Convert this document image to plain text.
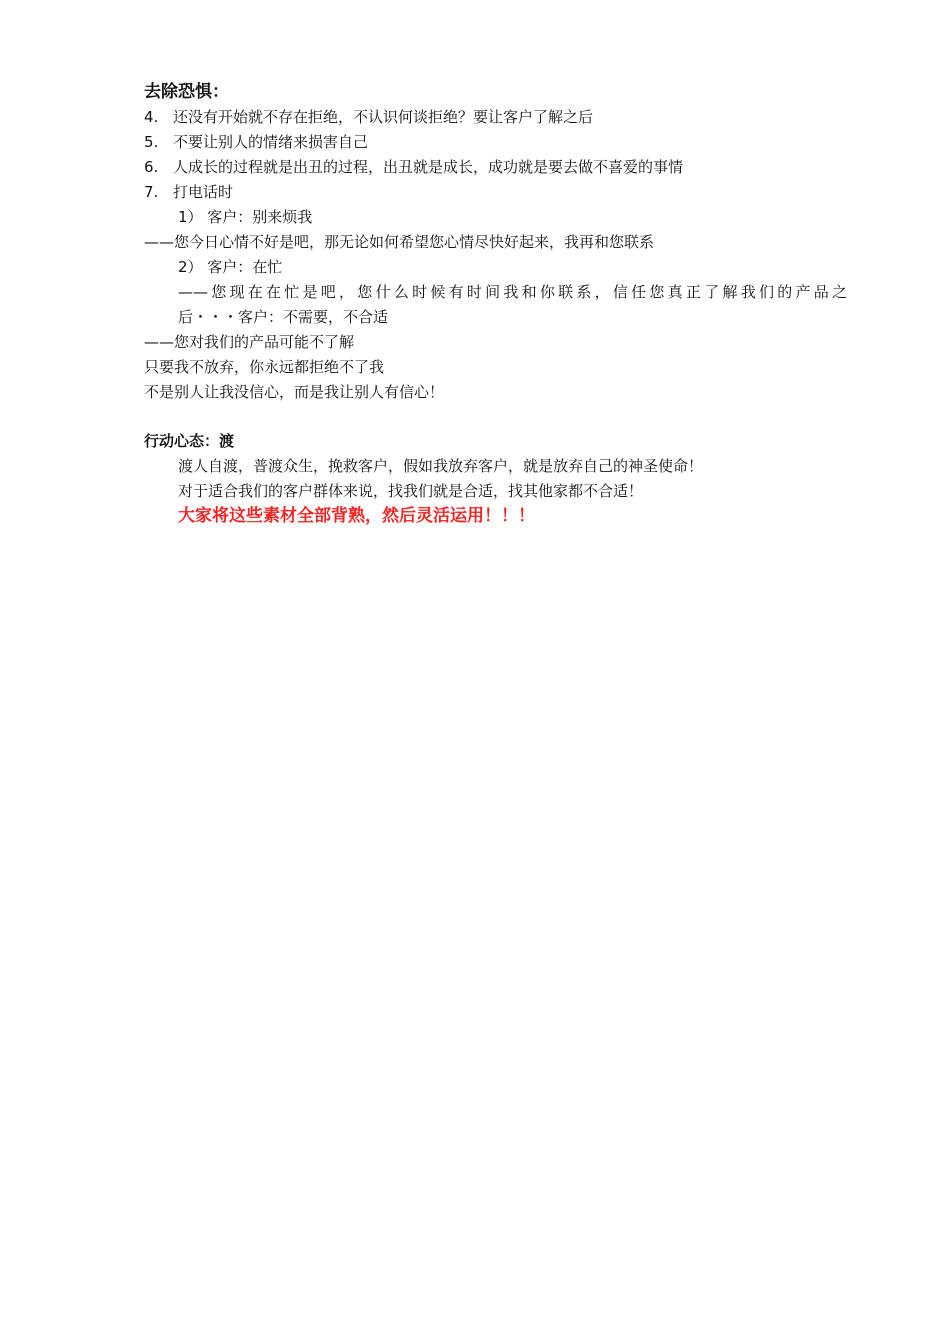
去除恐惧：
4. 还没有开始就不存在拒绝，不认识何谈拒绝？要让客户了解之后
5. 不要让别人的情绪来损害自己
6. 人成长的过程就是出丑的过程，出丑就是成长，成功就是要去做不喜爱的事情
7. 打电话时
1） 客户：别来烦我
——您今日心情不好是吧，那无论如何希望您心情尽快好起来，我再和您联系
2） 客户：在忙
——您现在在忙是吧，您什么时候有时间我和你联系，信任您真正了解我们的产品之
后・・・客户：不需要，不合适
——您对我们的产品可能不了解
只要我不放弃，你永远都拒绝不了我
不是别人让我没信心，而是我让别人有信心！
行动心态：渡
渡人自渡，普渡众生，挽救客户，假如我放弃客户，就是放弃自己的神圣使命！
对于适合我们的客户群体来说，找我们就是合适，找其他家都不合适！
大家将这些素材全部背熟，然后灵活运用！！！
